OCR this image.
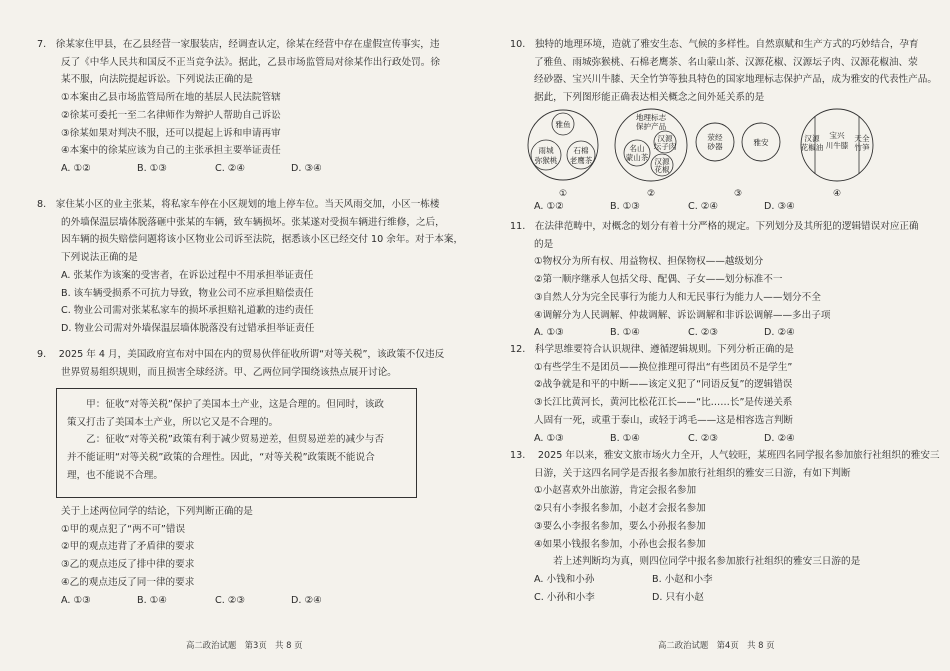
7.　徐某家住甲县，在乙县经营一家服装店，经调查认定，徐某在经营中存在虚假宣传事实，违

反了《中华人民共和国反不正当竞争法》。据此，乙县市场监管局对徐某作出行政处罚。徐

某不服，向法院提起诉讼。下列说法正确的是

①本案由乙县市场监管局所在地的基层人民法院管辖

②徐某可委托一至二名律师作为辩护人帮助自己诉讼

③徐某如果对判决不服，还可以提起上诉和申请再审

④本案中的徐某应该为自己的主张承担主要举证责任

A. ①②	B. ①③	C. ②④	D. ③④

8.　家住某小区的业主张某，将私家车停在小区规划的地上停车位。当天风雨交加，小区一栋楼

的外墙保温层墙体脱落砸中张某的车辆，致车辆损坏。张某遂对受损车辆进行维修，之后，

因车辆的损失赔偿问题将该小区物业公司诉至法院，据悉该小区已经交付 10 余年。对于本案，

下列说法正确的是

A. 张某作为该案的受害者，在诉讼过程中不用承担举证责任

B. 该车辆受损系不可抗力导致，物业公司不应承担赔偿责任

C. 物业公司需对张某私家车的损坏承担赔礼道歉的违约责任

D. 物业公司需对外墙保温层墙体脱落没有过错承担举证责任

9.　 2025 年 4 月，美国政府宣布对中国在内的贸易伙伴征收所谓“对等关税”，该政策不仅违反

世界贸易组织规则，而且损害全球经济。甲、乙两位同学围绕该热点展开讨论。

　　甲：征收“对等关税”保护了美国本土产业，这是合理的。但同时，该政

策又打击了美国本土产业，所以它又是不合理的。

　　乙：征收“对等关税”政策有利于减少贸易逆差，但贸易逆差的减少与否

并不能证明“对等关税”政策的合理性。因此，“对等关税”政策既不能说合

理，也不能说不合理。

关于上述两位同学的结论，下列判断正确的是

①甲的观点犯了“两不可”错误

②甲的观点违背了矛盾律的要求

③乙的观点违反了排中律的要求

④乙的观点违反了同一律的要求

A. ①③	B. ①④	C. ②③	D. ②④

高二政治试题　第3页　共 8 页

10.　独特的地理环境，造就了雅安生态、气候的多样性。自然禀赋和生产方式的巧妙结合，孕育

了雅鱼、雨城弥猴桃、石棉老鹰茶、名山蒙山茶、汉源花椒、汉源坛子肉、汉源花椒油、荥

经砂器、宝兴川牛膝、天全竹笋等独具特色的国家地理标志保护产品，成为雅安的代表性产品。

据此，下列图形能正确表达相关概念之间外延关系的是

雅鱼
雨城
弥猴桃
石棉
老鹰茶
地理标志
保护产品
名山
蒙山茶
汉源
坛子肉
汉源
花椒
荥经
砂器	雅安	汉源
花椒油
宝兴
川牛膝
天全
竹笋
①	②	③	④

A. ①②	B. ①③	C. ②④	D. ③④

11.　在法律范畴中，对概念的划分有着十分严格的规定。下列划分及其所犯的逻辑错误对应正确

的是

①物权分为所有权、用益物权、担保物权——越级划分

②第一顺序继承人包括父母、配偶、子女——划分标准不一

③自然人分为完全民事行为能力人和无民事行为能力人——划分不全

④调解分为人民调解、仲裁调解、诉讼调解和非诉讼调解——多出子项

A. ①③	B. ①④	C. ②③	D. ②④

12.　科学思维要符合认识规律、遵循逻辑规则。下列分析正确的是

①有些学生不是团员——换位推理可得出“有些团员不是学生”

②战争就是和平的中断——该定义犯了“同语反复”的逻辑错误

③长江比黄河长，黄河比松花江长——“比……长”是传递关系

人固有一死，或重于泰山，或轻于鸿毛——这是相容选言判断

A. ①③	B. ①④	C. ②③	D. ②④

13.　 2025 年以来，雅安文旅市场火力全开，人气较旺，某班四名同学报名参加旅行社组织的雅安三

日游，关于这四名同学是否报名参加旅行社组织的雅安三日游，有如下判断

①小赵喜欢外出旅游，肯定会报名参加

②只有小李报名参加，小赵才会报名参加

③要么小李报名参加，要么小孙报名参加

④如果小钱报名参加，小孙也会报名参加

　　若上述判断均为真，则四位同学中报名参加旅行社组织的雅安三日游的是

A. 小钱和小孙	B. 小赵和小李

C. 小孙和小李	D. 只有小赵

高二政治试题　第4页　共 8 页
